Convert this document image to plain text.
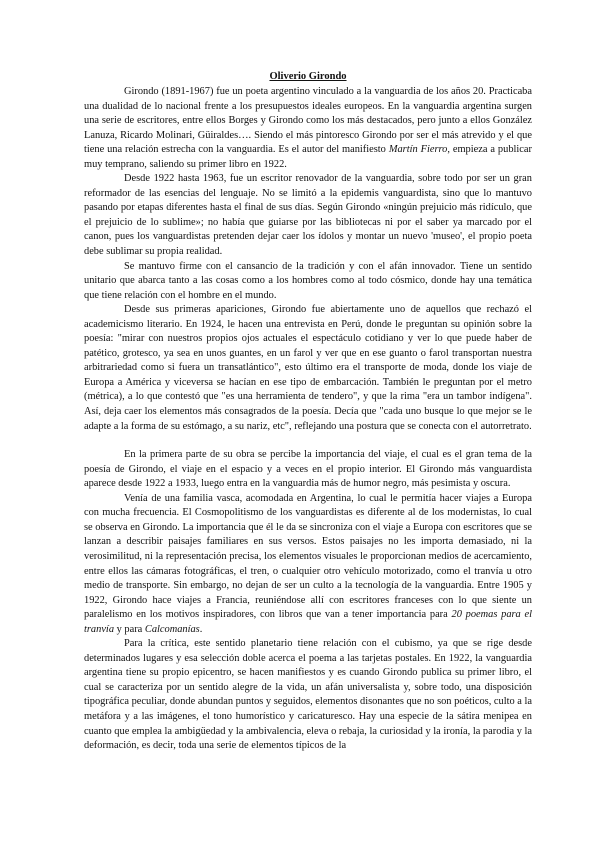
Oliverio Girondo

Girondo (1891-1967) fue un poeta argentino vinculado a la vanguardia de los años 20. Practicaba una dualidad de lo nacional frente a los presupuestos ideales europeos. En la vanguardia argentina surgen una serie de escritores, entre ellos Borges y Girondo como los más destacados, pero junto a ellos González Lanuza, Ricardo Molinari, Güiraldes…. Siendo el más pintoresco Girondo por ser el más atrevido y el que tiene una relación estrecha con la vanguardia. Es el autor del manifiesto Martín Fierro, empieza a publicar muy temprano, saliendo su primer libro en 1922.

Desde 1922 hasta 1963, fue un escritor renovador de la vanguardia, sobre todo por ser un gran reformador de las esencias del lenguaje. No se limitó a la epidemis vanguardista, sino que lo mantuvo pasando por etapas diferentes hasta el final de sus días. Según Girondo «ningún prejuicio más ridículo, que el prejuicio de lo sublime»; no había que guiarse por las bibliotecas ni por el saber ya marcado por el canon, pues los vanguardistas pretenden dejar caer los ídolos y montar un nuevo 'museo', el propio poeta debe sublimar su propia realidad.

Se mantuvo firme con el cansancio de la tradición y con el afán innovador. Tiene un sentido unitario que abarca tanto a las cosas como a los hombres como al todo cósmico, donde hay una temática que tiene relación con el hombre en el mundo.

Desde sus primeras apariciones, Girondo fue abiertamente uno de aquellos que rechazó el academicismo literario. En 1924, le hacen una entrevista en Perú, donde le preguntan su opinión sobre la poesía: "mirar con nuestros propios ojos actuales el espectáculo cotidiano y ver lo que puede haber de patético, grotesco, ya sea en unos guantes, en un farol y ver que en ese guanto o farol transportan nuestra arbitrariedad como si fuera un transatlántico", esto último era el transporte de moda, donde los viaje de Europa a América y viceversa se hacían en ese tipo de embarcación. También le preguntan por el metro (métrica), a lo que contestó que "es una herramienta de tendero", y que la rima "era un tambor indígena". Así, deja caer los elementos más consagrados de la poesía. Decía que "cada uno busque lo que mejor se le adapte a la forma de su estómago, a su nariz, etc", reflejando una postura que se conecta con el autorretrato.

En la primera parte de su obra se percibe la importancia del viaje, el cual es el gran tema de la poesía de Girondo, el viaje en el espacio y a veces en el propio interior. El Girondo más vanguardista aparece desde 1922 a 1933, luego entra en la vanguardia más de humor negro, más pesimista y oscura.

Venía de una familia vasca, acomodada en Argentina, lo cual le permitía hacer viajes a Europa con mucha frecuencia. El Cosmopolitismo de los vanguardistas es diferente al de los modernistas, lo cual se observa en Girondo. La importancia que él le da se sincroniza con el viaje a Europa con escritores que se lanzan a describir paisajes familiares en sus versos. Estos paisajes no les importa demasiado, ni la verosimilitud, ni la representación precisa, los elementos visuales le proporcionan medios de acercamiento, entre ellos las cámaras fotográficas, el tren, o cualquier otro vehículo motorizado, como el tranvía u otro medio de transporte. Sin embargo, no dejan de ser un culto a la tecnología de la vanguardia. Entre 1905 y 1922, Girondo hace viajes a Francia, reuniéndose allí con escritores franceses con lo que siente un paralelismo en los motivos inspiradores, con libros que van a tener importancia para 20 poemas para el tranvía y para Calcomanías.

Para la crítica, este sentido planetario tiene relación con el cubismo, ya que se rige desde determinados lugares y esa selección doble acerca el poema a las tarjetas postales. En 1922, la vanguardia argentina tiene su propio epicentro, se hacen manifiestos y es cuando Girondo publica su primer libro, el cual se caracteriza por un sentido alegre de la vida, un afán universalista y, sobre todo, una disposición tipográfica peculiar, donde abundan puntos y seguidos, elementos disonantes que no son poéticos, culto a la metáfora y a las imágenes, el tono humorístico y caricaturesco. Hay una especie de la sátira menipea en cuanto que emplea la ambigüedad y la ambivalencia, eleva o rebaja, la curiosidad y la ironía, la parodia y la deformación, es decir, toda una serie de elementos típicos de la
